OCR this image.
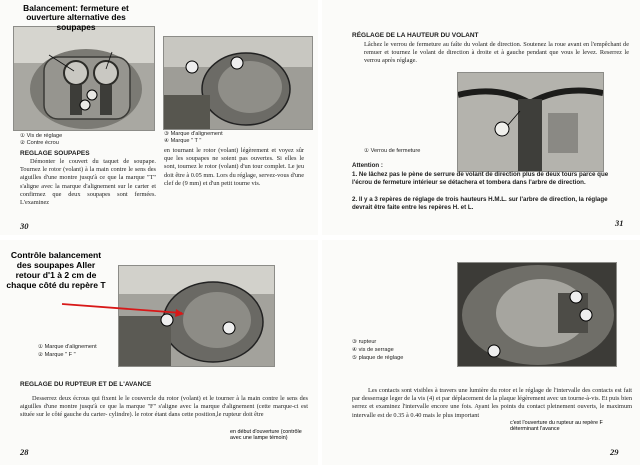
Balancement: fermeture et ouverture alternative des soupapes
① Vis de réglage
② Contre écrou
REGLAGE SOUPAPES
Démonter le couvert du taquet de soupape. Tournez le rotor (volant) à la main contre le sens des aiguilles d'une montre jusqu'à ce que la marque "T" s'aligne avec la marque d'alignement sur le carter et confirmez que deux soupapes sont fermées. L'examinez
30
③ Marque d'alignement
④ Marque " T "
en tournant le rotor (volant) légèrement et voyez sûr que les soupapes ne soient pas ouvertes. Si elles le sont, tournez le rotor (volant) d'un tour complet. Le jeu doit être à 0.05 mm. Lors du réglage, servez-vous d'une clef de (9 mm) et d'un petit tourne vis.
RÉGLAGE DE LA HAUTEUR DU VOLANT
Lâchez le verrou de fermeture au faîte du volant de direction. Soutenez la roue avant en l'empêchant de remuer et tournez le volant de direction à droite et à gauche pendant que vous le levez. Reserrez le verrou après réglage.
① Verrou de fermeture
Attention :
1. Ne lâchez pas le pène de serrure de volant de direction plus de deux tours parce que l'écrou de fermeture intérieur se détachera et tombera dans l'arbre de direction.
2. Il y a 3 repères de réglage de trois hauteurs H.M.L. sur l'arbre de direction, la réglage devrait être faite entre les repères H. et L.
31
Contrôle balancement des soupapes Aller retour d'1 à 2 cm de chaque côté du repère T
① Marque d'alignement
② Marque " F "
REGLAGE DU RUPTEUR ET DE L'AVANCE
Desserrez deux écrous qui fixent le le couvercle du rotor (volant) et le tourner à la main contre le sens des aiguilles d'une montre jusqu'à ce que la marque "F" s'aligne avec la marque d'alignement (cette marque-ci est située sur le côté gauche du carter- cylindre). le rotor étant dans cette position,le rupteur doit être
en début d'ouverture (contrôle avec une lampe témoin)
28
③ rupteur
④ vis de serrage
⑤ plaque de réglage
Les contacts sont visibles à travers une lumière du rotor et le réglage de l'intervalle des contacts est fait par desserrage leger de la vis (4) et par déplacement de la plaque légèrement avec un tourne-à-vis. Et puis bien serrez et examinez l'intervalle encore une fois. Ayant les points du contact pleinement ouverts, le maximum intervalle est de 0.35 à 0.40 mais le plus important
c'est l'ouverture du rupteur au repère F déterminant l'avance
29
